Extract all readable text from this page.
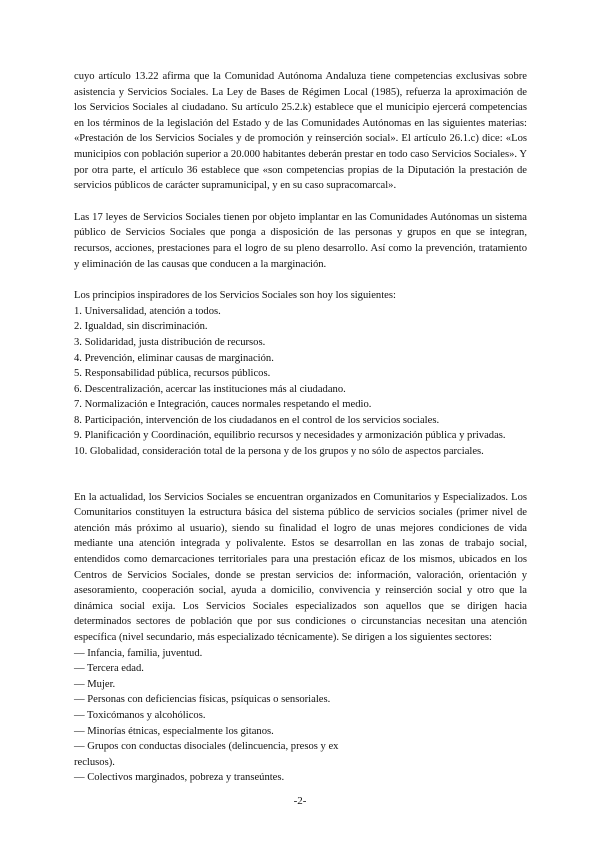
cuyo artículo 13.22 afirma que la Comunidad Autónoma Andaluza tiene competencias exclusivas sobre asistencia y Servicios Sociales. La Ley de Bases de Régimen Local (1985), refuerza la aproximación de los Servicios Sociales al ciudadano. Su artículo 25.2.k) establece que el municipio ejercerá competencias en los términos de la legislación del Estado y de las Comunidades Autónomas en las siguientes materias: «Prestación de los Servicios Sociales y de promoción y reinserción social». El artículo 26.1.c) dice: «Los municipios con población superior a 20.000 habitantes deberán prestar en todo caso Servicios Sociales». Y por otra parte, el artículo 36 establece que «son competencias propias de la Diputación la prestación de servicios públicos de carácter supramunicipal, y en su caso supracomarcal».

Las 17 leyes de Servicios Sociales tienen por objeto implantar en las Comunidades Autónomas un sistema público de Servicios Sociales que ponga a disposición de las personas y grupos en que se integran, recursos, acciones, prestaciones para el logro de su pleno desarrollo. Así como la prevención, tratamiento y eliminación de las causas que conducen a la marginación.

Los principios inspiradores de los Servicios Sociales son hoy los siguientes:

1. Universalidad, atención a todos.
2. Igualdad, sin discriminación.
3. Solidaridad, justa distribución de recursos.
4. Prevención, eliminar causas de marginación.
5. Responsabilidad pública, recursos públicos.
6. Descentralización, acercar las instituciones más al ciudadano.
7. Normalización e Integración, cauces normales respetando el medio.
8. Participación, intervención de los ciudadanos en el control de los servicios sociales.
9. Planificación y Coordinación, equilibrio recursos y necesidades y armonización pública y privadas.
10. Globalidad, consideración total de la persona y de los grupos y no sólo de aspectos parciales.

En la actualidad, los Servicios Sociales se encuentran organizados en Comunitarios y Especializados. Los Comunitarios constituyen la estructura básica del sistema público de servicios sociales (primer nivel de atención más próximo al usuario), siendo su finalidad el logro de unas mejores condiciones de vida mediante una atención integrada y polivalente. Estos se desarrollan en las zonas de trabajo social, entendidos como demarcaciones territoriales para una prestación eficaz de los mismos, ubicados en los Centros de Servicios Sociales, donde se prestan servicios de: información, valoración, orientación y asesoramiento, cooperación social, ayuda a domicilio, convivencia y reinserción social y otro que la dinámica social exija. Los Servicios Sociales especializados son aquellos que se dirigen hacia determinados sectores de población que por sus condiciones o circunstancias necesitan una atención específica (nivel secundario, más especializado técnicamente). Se dirigen a los siguientes sectores:

— Infancia, familia, juventud.
— Tercera edad.
— Mujer.
— Personas con deficiencias físicas, psíquicas o sensoriales.
— Toxicómanos y alcohólicos.
— Minorías étnicas, especialmente los gitanos.
— Grupos con conductas disociales (delincuencia, presos y ex reclusos).
— Colectivos marginados, pobreza y transeúntes.
-2-
